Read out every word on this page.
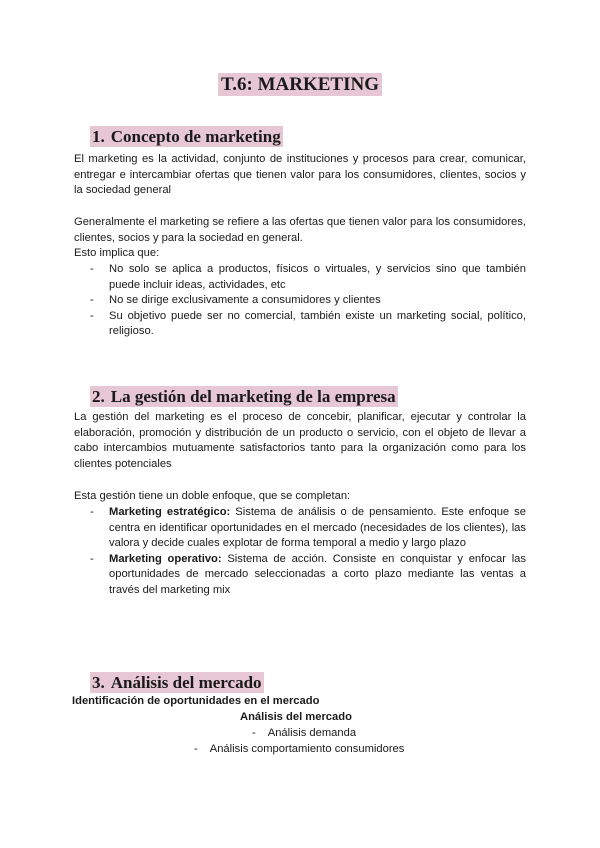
T.6: MARKETING
1. Concepto de marketing

El marketing es la actividad, conjunto de instituciones y procesos para crear, comunicar, entregar e intercambiar ofertas que tienen valor para los consumidores, clientes, socios y la sociedad general

Generalmente el marketing se refiere a las ofertas que tienen valor para los consumidores, clientes, socios y para la sociedad en general.

Esto implica que:

- No solo se aplica a productos, físicos o virtuales, y servicios sino que también puede incluir ideas, actividades, etc
- No se dirige exclusivamente a consumidores y clientes
- Su objetivo puede ser no comercial, también existe un marketing social, político, religioso.
2. La gestión del marketing de la empresa

La gestión del marketing es el proceso de concebir, planificar, ejecutar y controlar la elaboración, promoción y distribución de un producto o servicio, con el objeto de llevar a cabo intercambios mutuamente satisfactorios tanto para la organización como para los clientes potenciales

Esta gestión tiene un doble enfoque, que se completan:

- Marketing estratégico: Sistema de análisis o de pensamiento. Este enfoque se centra en identificar oportunidades en el mercado (necesidades de los clientes), las valora y decide cuales explotar de forma temporal a medio y largo plazo
- Marketing operativo: Sistema de acción. Consiste en conquistar y enfocar las oportunidades de mercado seleccionadas a corto plazo mediante las ventas a través del marketing mix
3. Análisis del mercado

Identificación de oportunidades en el mercado

Análisis del mercado

- Análisis demanda

- Análisis comportamiento consumidores
